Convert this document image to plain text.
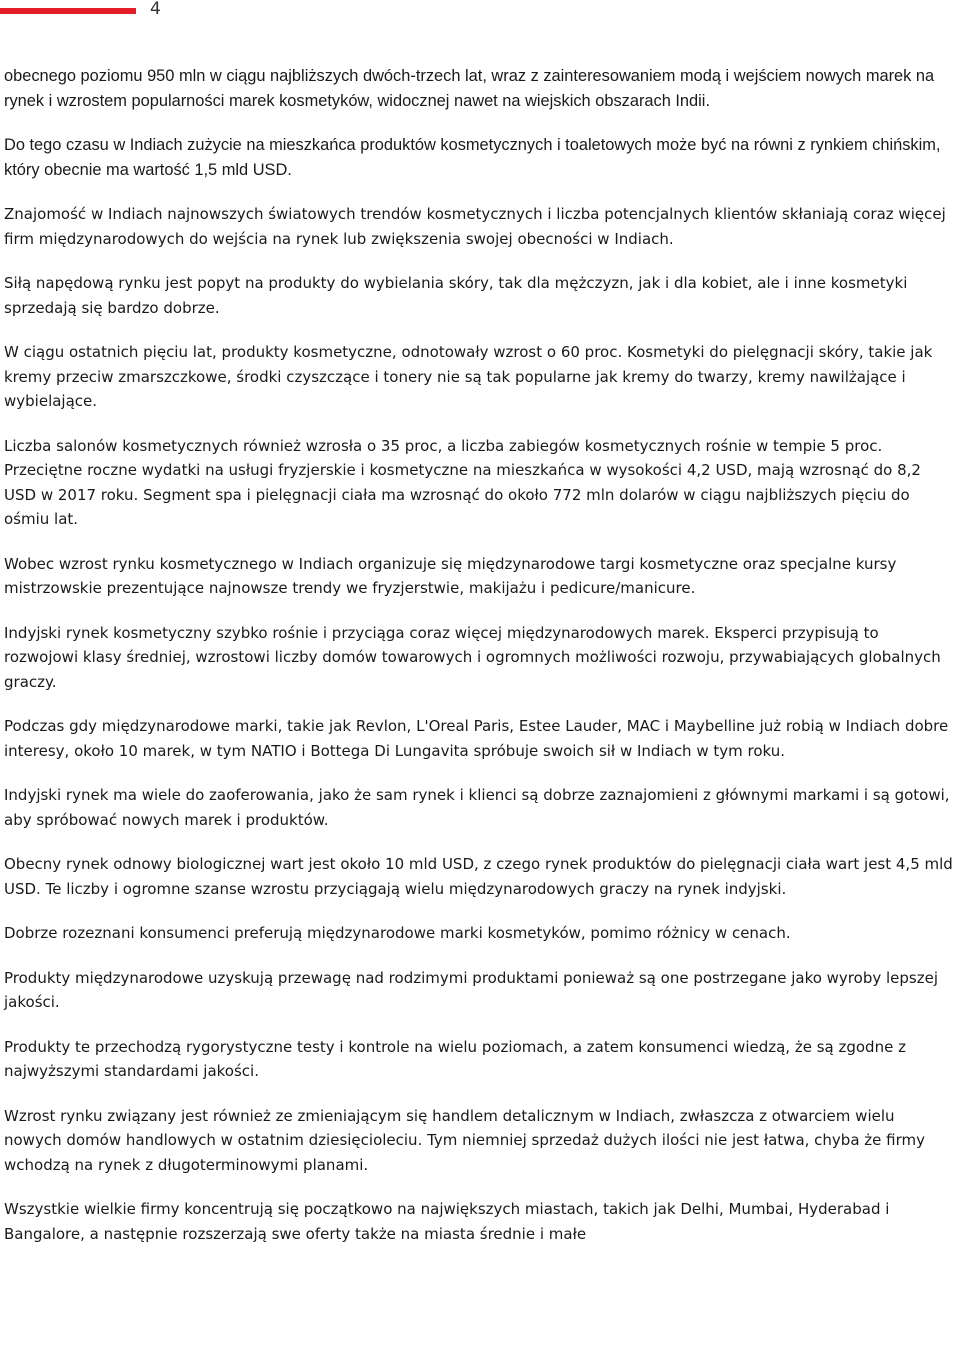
4

obecnego poziomu 950 mln w ciągu najbliższych dwóch-trzech lat, wraz z zainteresowaniem modą i wejściem nowych marek na rynek i wzrostem popularności marek kosmetyków, widocznej nawet na wiejskich obszarach Indii.

Do tego czasu w Indiach zużycie na mieszkańca produktów kosmetycznych i toaletowych może być na równi z rynkiem chińskim, który obecnie ma wartość 1,5 mld USD.

Znajomość w Indiach najnowszych światowych trendów kosmetycznych i liczba potencjalnych klientów skłaniają coraz więcej firm międzynarodowych do wejścia na rynek lub zwiększenia swojej obecności w Indiach.

Siłą napędową rynku jest popyt na produkty do wybielania skóry, tak dla mężczyzn, jak i dla kobiet, ale i inne kosmetyki sprzedają się bardzo dobrze.

W ciągu ostatnich pięciu lat, produkty kosmetyczne, odnotowały wzrost o 60 proc. Kosmetyki do pielęgnacji skóry, takie jak kremy przeciw zmarszczkowe, środki czyszczące i tonery nie są tak popularne jak kremy do twarzy, kremy nawilżające i wybielające.

Liczba salonów kosmetycznych również wzrosła o 35 proc, a liczba zabiegów kosmetycznych rośnie w tempie 5 proc. Przeciętne roczne wydatki na usługi fryzjerskie i kosmetyczne na mieszkańca w wysokości 4,2 USD, mają wzrosnąć do 8,2 USD w 2017 roku. Segment spa i pielęgnacji ciała ma wzrosnąć do około 772 mln dolarów w ciągu najbliższych pięciu do ośmiu lat.

Wobec wzrost rynku kosmetycznego w Indiach organizuje się międzynarodowe targi kosmetyczne oraz specjalne kursy mistrzowskie prezentujące najnowsze trendy we fryzjerstwie, makijażu i pedicure/manicure.

Indyjski rynek kosmetyczny szybko rośnie i przyciąga coraz więcej międzynarodowych marek. Eksperci przypisują to rozwojowi klasy średniej, wzrostowi liczby domów towarowych i ogromnych możliwości rozwoju, przywabiających globalnych graczy.

Podczas gdy międzynarodowe marki, takie jak Revlon, L'Oreal Paris, Estee Lauder, MAC i Maybelline już robią w Indiach dobre interesy, około 10 marek, w tym NATIO i Bottega Di Lungavita spróbuje swoich sił w Indiach w tym roku.

Indyjski rynek ma wiele do zaoferowania, jako że sam rynek i klienci są dobrze zaznajomieni z głównymi markami i są gotowi, aby spróbować nowych marek i produktów.

Obecny rynek odnowy biologicznej wart jest około 10 mld USD, z czego rynek produktów do pielęgnacji ciała wart jest 4,5 mld USD. Te liczby i ogromne szanse wzrostu przyciągają wielu międzynarodowych graczy na rynek indyjski.

Dobrze rozeznani konsumenci preferują międzynarodowe marki kosmetyków, pomimo różnicy w cenach.

Produkty międzynarodowe uzyskują przewagę nad rodzimymi produktami ponieważ są one postrzegane jako wyroby lepszej jakości.

Produkty te przechodzą rygorystyczne testy i kontrole na wielu poziomach, a zatem konsumenci wiedzą, że są zgodne z najwyższymi standardami jakości.

Wzrost rynku związany jest również ze zmieniającym się handlem detalicznym w Indiach, zwłaszcza z otwarciem wielu nowych domów handlowych w ostatnim dziesięcioleciu. Tym niemniej sprzedaż dużych ilości nie jest łatwa, chyba że firmy wchodzą na rynek z długoterminowymi planami.

Wszystkie wielkie firmy koncentrują się początkowo na największych miastach, takich jak Delhi, Mumbai, Hyderabad i Bangalore, a następnie rozszerzają swe oferty także na miasta średnie i małe
